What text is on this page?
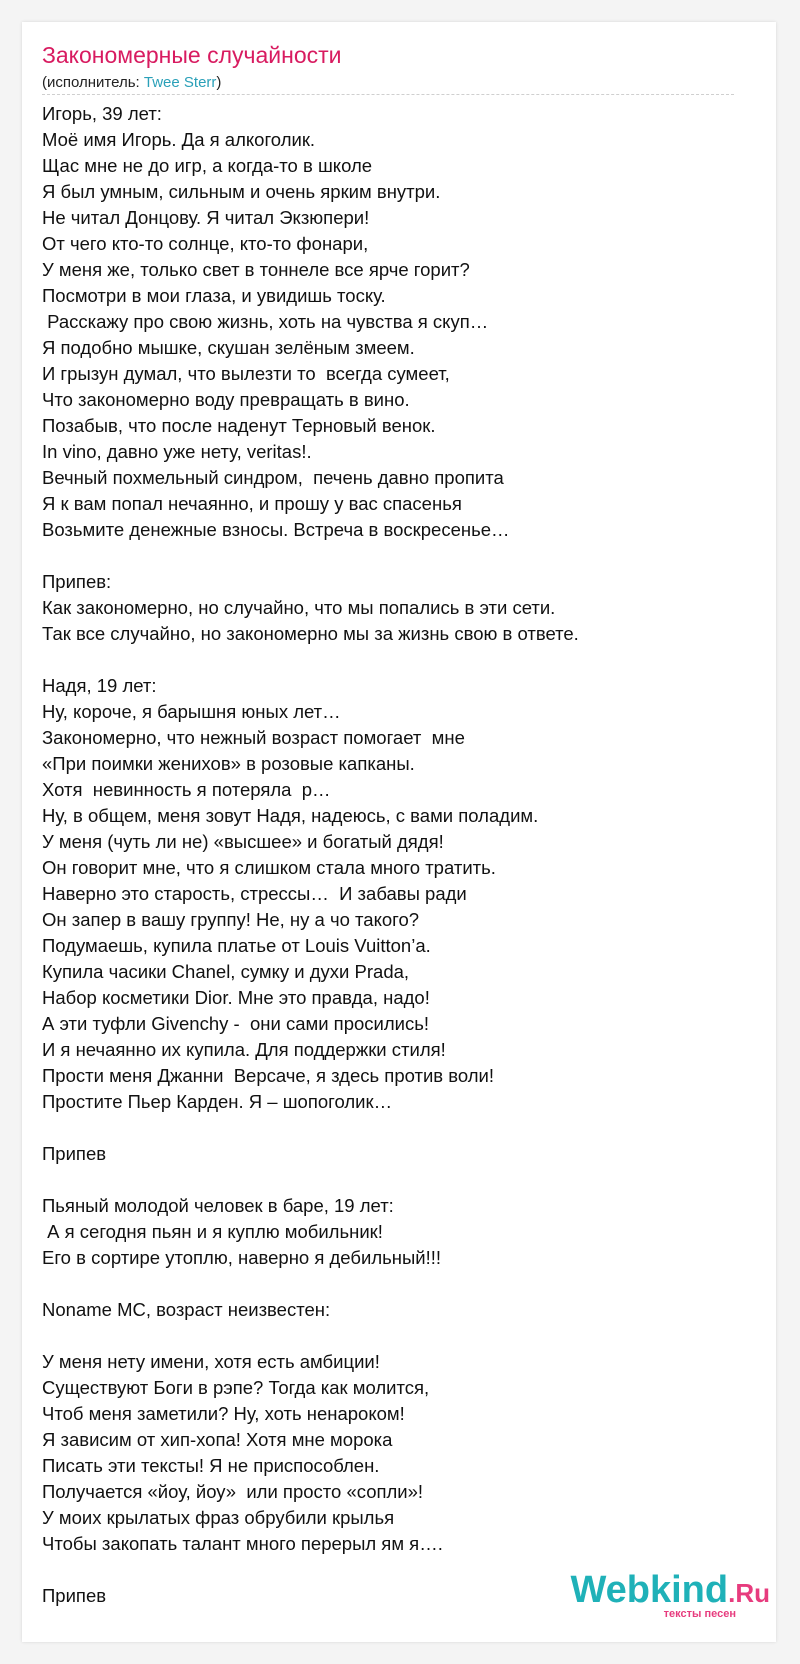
Закономерные случайности
(исполнитель: Twee Sterr)
Игорь, 39 лет:
Моё имя Игорь. Да я алкоголик.
Щас мне не до игр, а когда-то в школе
Я был умным, сильным и очень ярким внутри.
Не читал Донцову. Я читал Экзюпери!
От чего кто-то солнце, кто-то фонари,
У меня же, только свет в тоннеле все ярче горит?
Посмотри в мои глаза, и увидишь тоску.
Расскажу про свою жизнь, хоть на чувства я скуп…
Я подобно мышке, скушан зелёным змеем.
И грызун думал, что вылезти то  всегда сумеет,
Что закономерно воду превращать в вино.
Позабыв, что после наденут Терновый венок.
In vino, давно уже нету, veritas!.
Вечный похмельный синдром,  печень давно пропита
Я к вам попал нечаянно, и прошу у вас спасенья
Возьмите денежные взносы. Встреча в воскресенье…
Припев:
Как закономерно, но случайно, что мы попались в эти сети.
Так все случайно, но закономерно мы за жизнь свою в ответе.
Надя, 19 лет:
Ну, короче, я барышня юных лет…
Закономерно, что нежный возраст помогает  мне
«При поимки женихов» в розовые капканы.
Хотя  невинность я потеряла  р…
Ну, в общем, меня зовут Надя, надеюсь, с вами поладим.
У меня (чуть ли не) «высшее» и богатый дядя!
Он говорит мне, что я слишком стала много тратить.
Наверно это старость, стрессы…  И забавы ради
Он запер в вашу группу! Не, ну а чо такого?
Подумаешь, купила платье от Louis Vuitton’a.
Купила часики Chanel, сумку и духи Prada,
Набор косметики Dior. Мне это правда, надо!
А эти туфли Givenchy -  они сами просились!
И я нечаянно их купила. Для поддержки стиля!
Прости меня Джанни  Версаче, я здесь против воли!
Простите Пьер Карден. Я – шопоголик…
Припев
Пьяный молодой человек в баре, 19 лет:
А я сегодня пьян и я куплю мобильник!
Его в сортире утоплю, наверно я дебильный!!!
Noname MC, возраст неизвестен:
У меня нету имени, хотя есть амбиции!
Существуют Боги в рэпе? Тогда как молится,
Чтоб меня заметили? Ну, хоть ненароком!
Я зависим от хип-хопа! Хотя мне морока
Писать эти тексты! Я не приспособлен.
Получается «йоу, йоу»  или просто «сопли»!
У моих крылатых фраз обрубили крылья
Чтобы закопать талант много перерыл ям я….
Припев	Webkind.Ru
тексты песен
